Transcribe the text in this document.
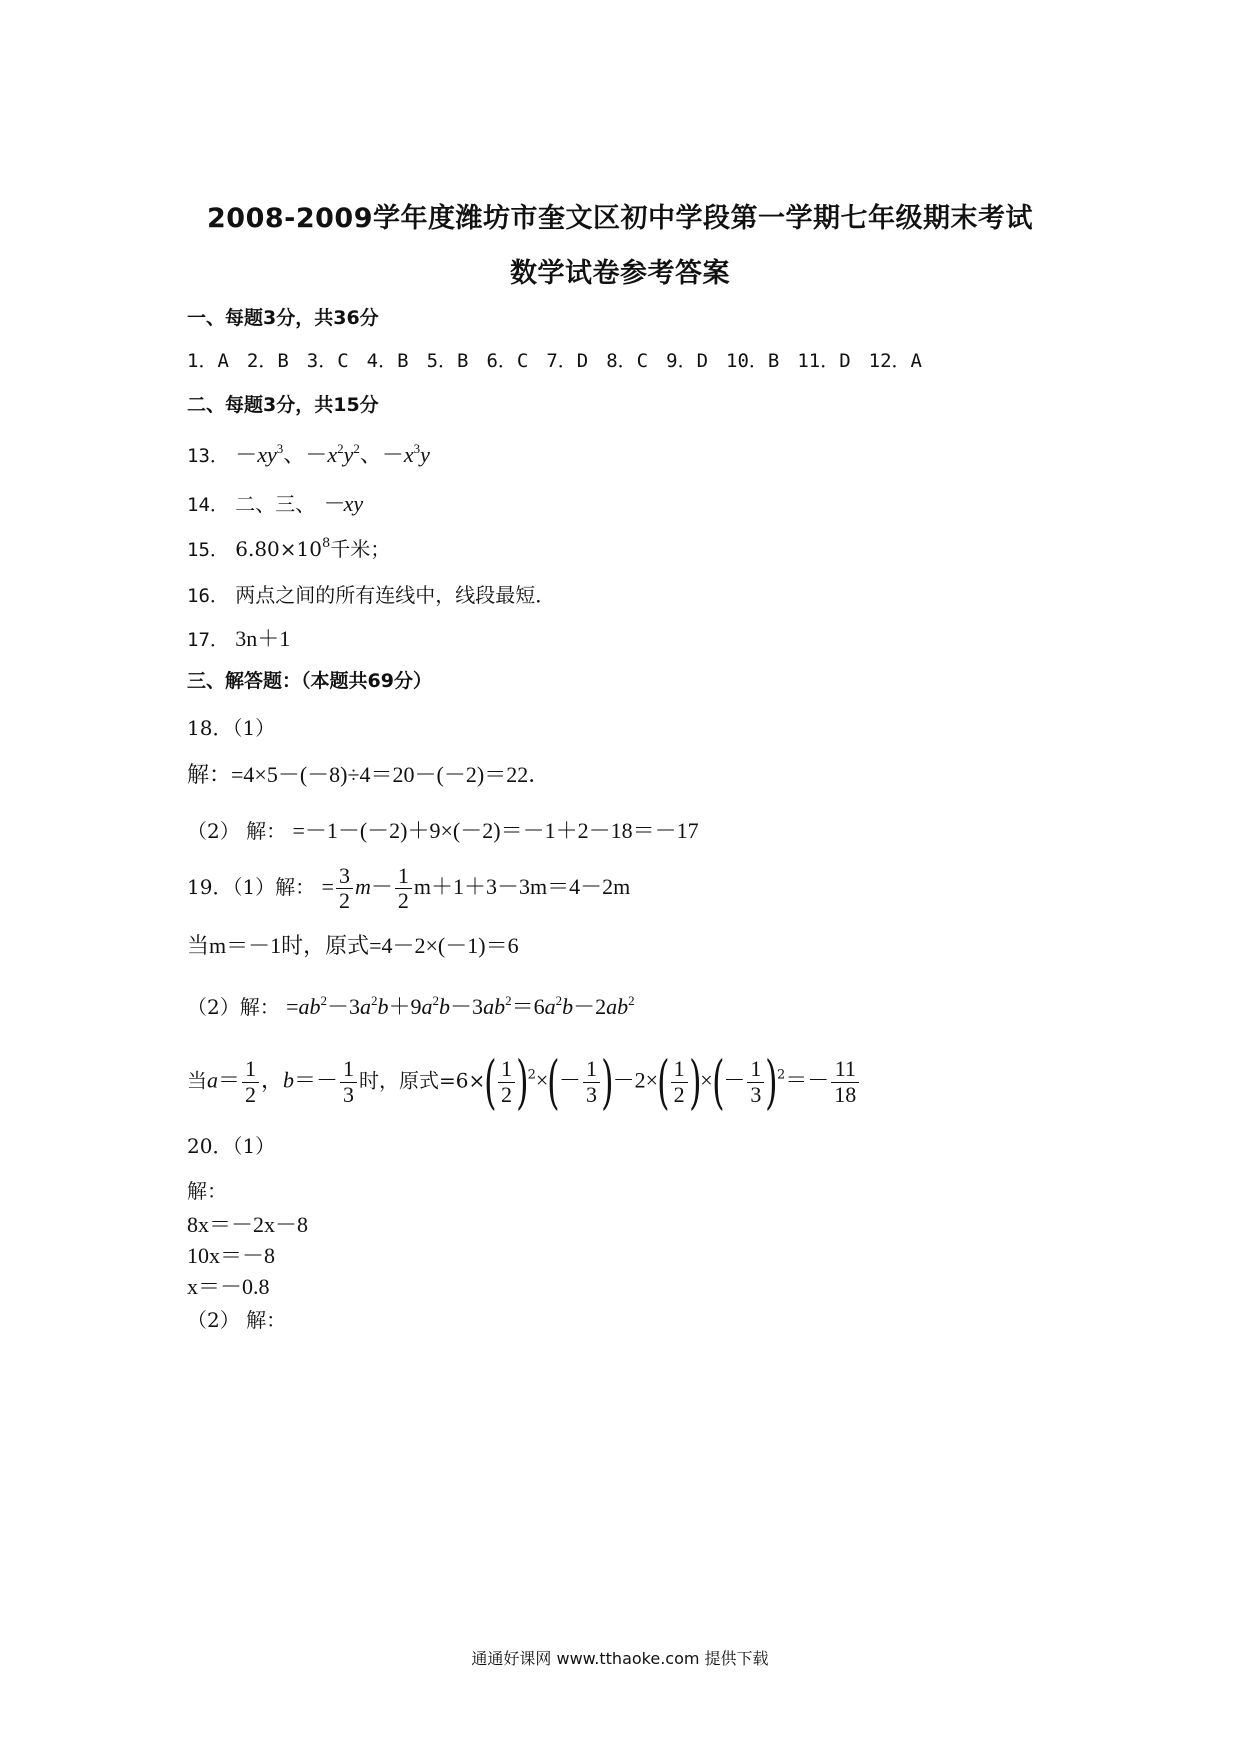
2008-2009学年度潍坊市奎文区初中学段第一学期七年级期末考试
数学试卷参考答案
一、每题3分，共36分
1．A 2．B 3．C 4．B 5．B 6．C 7．D 8．C 9．D 10．B 11．D 12．A
二、每题3分，共15分
13． $-xy^3$、$-x^2y^2$、$-x^3y$
14． 二、三、 －xy
15． $6.80\times 10^8$千米；
16． 两点之间的所有连线中，线段最短．
17． 3n＋1
三、解答题：（本题共69分）
18．（1）
解：=4×5－(－8)÷4＝20－(－2)＝22．
（2） 解： =－1－(－2)＋9×(－2)＝－1＋2－18＝－17
19．（1）解： = $\frac{3}{2} m- \frac{1}{2} m+1+3-3m=4-2m$
当m＝－1时，原式=4－2×(－1)＝6
（2）解： $=ab^2-3a^2b+9a^2b-3ab^2=6a^2b-2ab^2$
当$a= \frac{1}{2}$ ，$b=- \frac{1}{3}$ 时，原式$=6\times( \frac{1}{2} )^2\times(- \frac{1}{3} )-2\times( \frac{1}{2}$ )×(－ $\frac{1}{3} )^2=- \frac{11}{18}$
20．（1）
解：
8x＝－2x－8
10x＝－8
x＝－0.8
（2） 解：
通通好课网 www.tthaoke.com 提供下载
